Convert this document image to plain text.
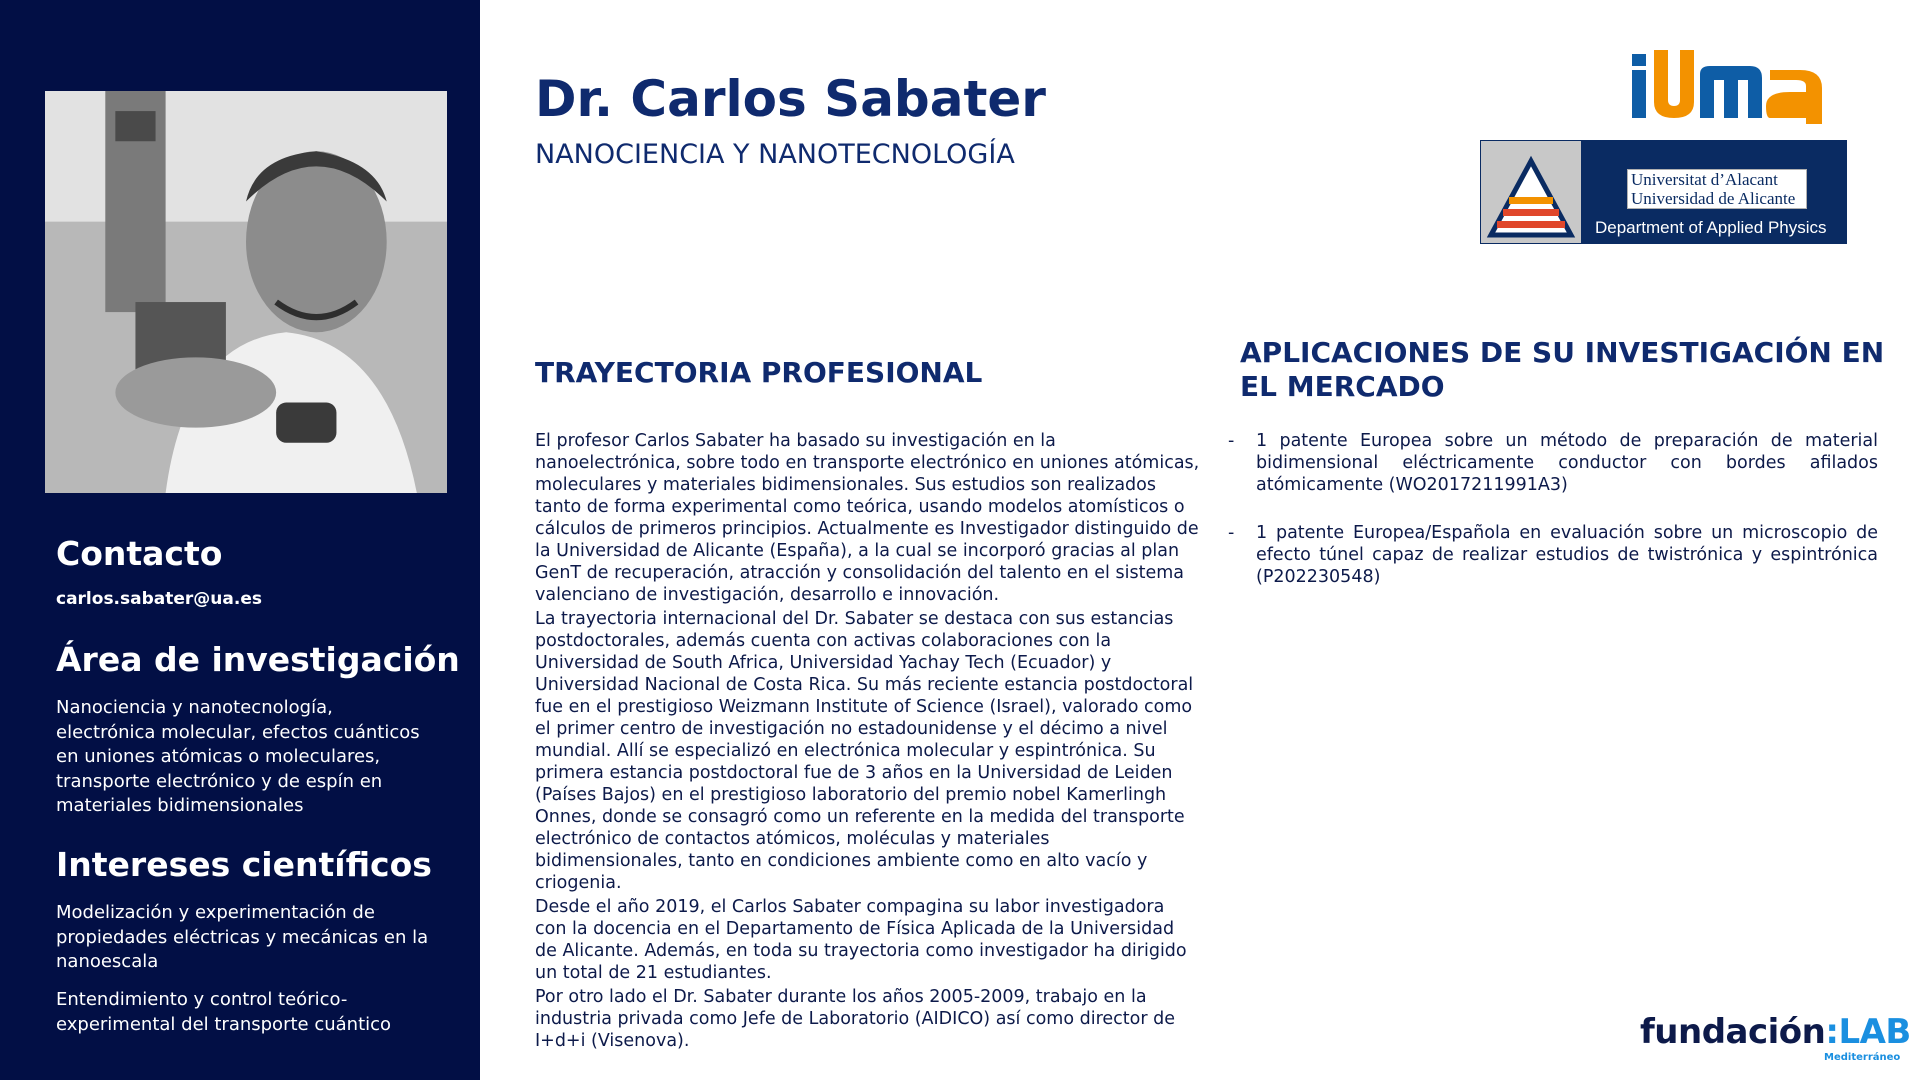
Contacto
carlos.sabater@ua.es
Área de investigación

Nanociencia y nanotecnología, electrónica molecular, efectos cuánticos en uniones atómicas o moleculares, transporte electrónico y de espín en materiales bidimensionales

Intereses científicos

Modelización y experimentación de propiedades eléctricas y mecánicas en la nanoescala

Entendimiento y control teórico-experimental del transporte cuántico

Dr. Carlos Sabater
NANOCIENCIA Y NANOTECNOLOGÍA
Universitat d’Alacant
Universidad de Alicante
Department of Applied Physics
TRAYECTORIA PROFESIONAL

El profesor Carlos Sabater ha basado su investigación en la nanoelectrónica, sobre todo en transporte electrónico en uniones atómicas, moleculares y materiales bidimensionales. Sus estudios son realizados tanto de forma experimental como teórica, usando modelos atomísticos o cálculos de primeros principios. Actualmente es Investigador distinguido de la Universidad de Alicante (España), a la cual se incorporó gracias al plan GenT de recuperación, atracción y consolidación del talento en el sistema valenciano de investigación, desarrollo e innovación.

La trayectoria internacional del Dr. Sabater se destaca con sus estancias postdoctorales, además cuenta con activas colaboraciones con la Universidad de South Africa, Universidad Yachay Tech (Ecuador) y Universidad Nacional de Costa Rica. Su más reciente estancia postdoctoral fue en el prestigioso Weizmann Institute of Science (Israel), valorado como el primer centro de investigación no estadounidense y el décimo a nivel mundial. Allí se especializó en electrónica molecular y espintrónica. Su primera estancia postdoctoral fue de 3 años en la Universidad de Leiden (Países Bajos) en el prestigioso laboratorio del premio nobel Kamerlingh Onnes, donde se consagró como un referente en la medida del transporte electrónico de contactos atómicos, moléculas y materiales bidimensionales, tanto en condiciones ambiente como en alto vacío y criogenia.

Desde el año 2019, el Carlos Sabater compagina su labor investigadora con la docencia en el Departamento de Física Aplicada de la Universidad de Alicante. Además, en toda su trayectoria como investigador ha dirigido un total de 21 estudiantes.

Por otro lado el Dr. Sabater durante los años 2005-2009, trabajo en la industria privada como Jefe de Laboratorio (AIDICO) así como director de I+d+i (Visenova).

APLICACIONES DE SU INVESTIGACIÓN EN EL MERCADO
- 1 patente Europea sobre un método de preparación de material bidimensional eléctricamente conductor con bordes afilados atómicamente (WO2017211991A3)
- 1 patente Europea/Española en evaluación sobre un microscopio de efecto túnel capaz de realizar estudios de twistrónica y espintrónica (P202230548)
fundación:LAB
Mediterráneo
